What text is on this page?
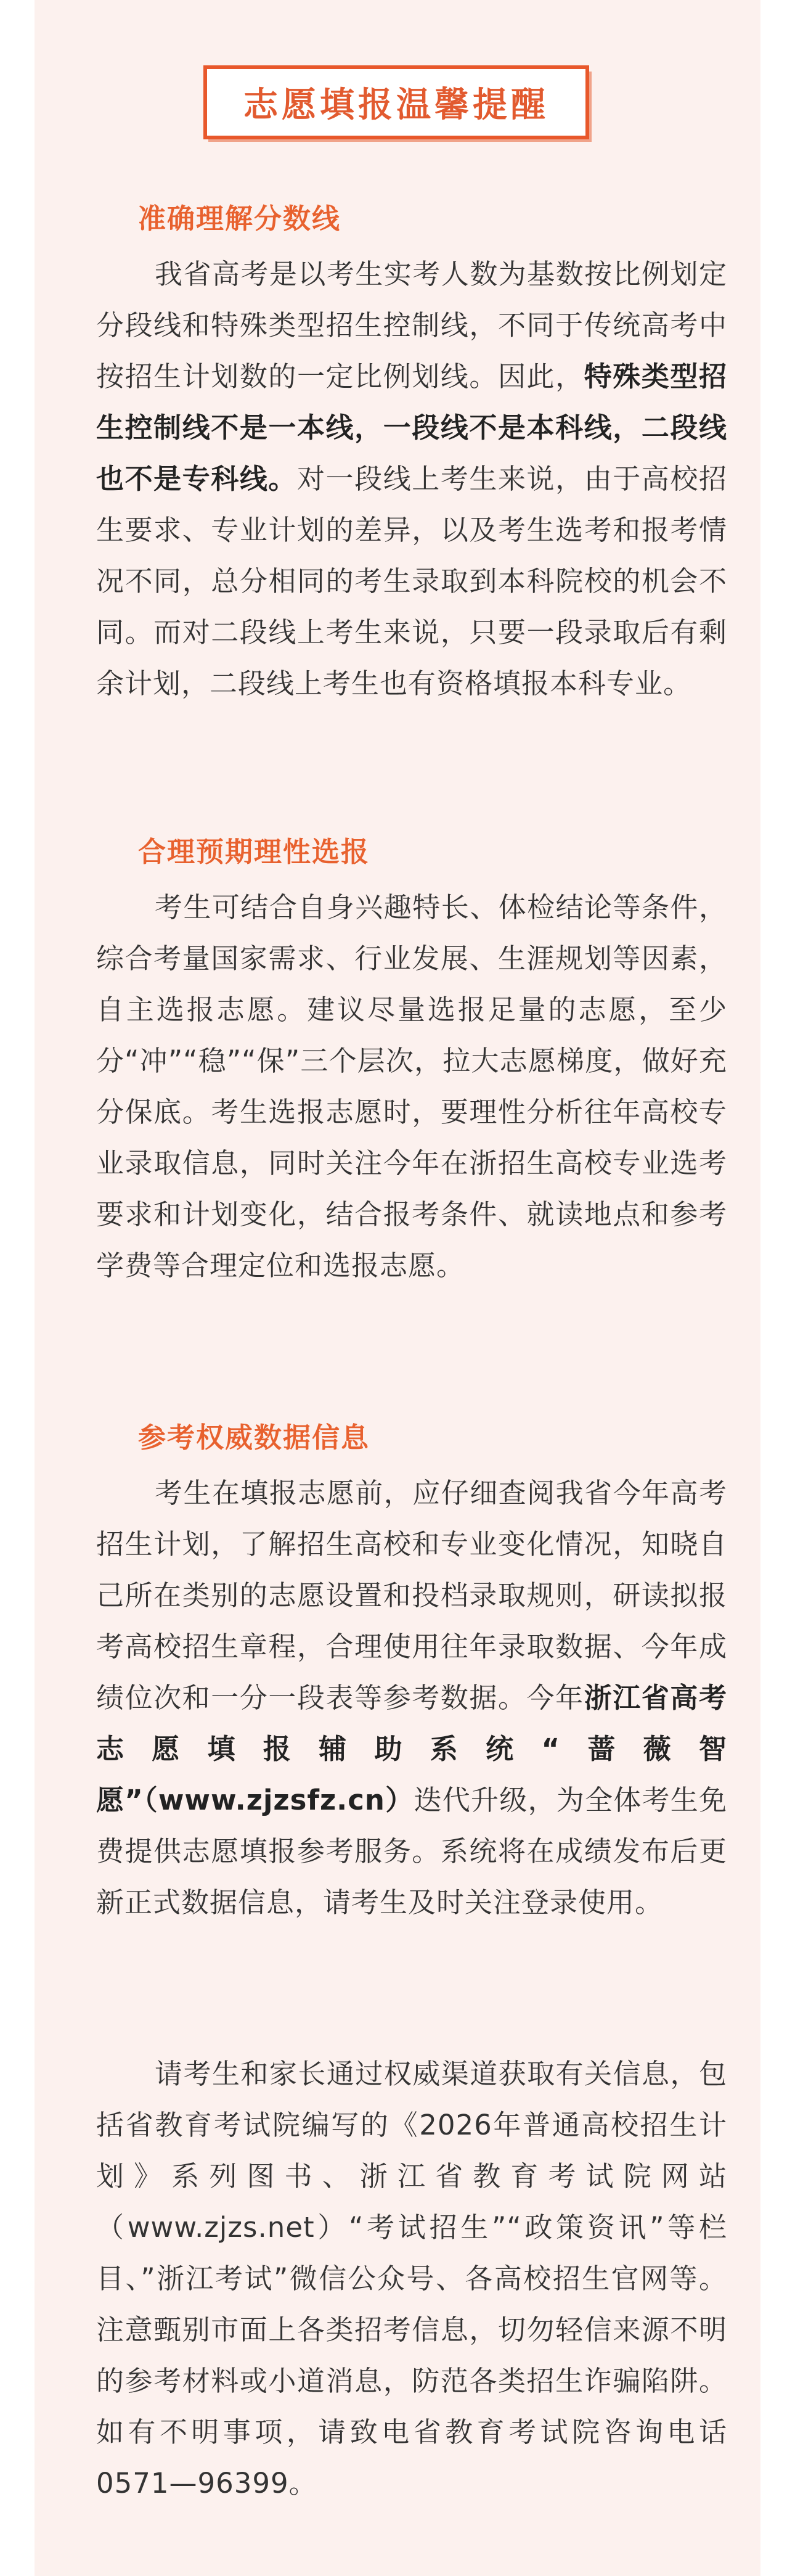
志愿填报温馨提醒
准确理解分数线
我省高考是以考生实考人数为基数按比例划定分段线和特殊类型招生控制线，不同于传统高考中按招生计划数的一定比例划线。因此，特殊类型招生控制线不是一本线，一段线不是本科线，二段线也不是专科线。对一段线上考生来说，由于高校招生要求、专业计划的差异，以及考生选考和报考情况不同，总分相同的考生录取到本科院校的机会不同。而对二段线上考生来说，只要一段录取后有剩余计划，二段线上考生也有资格填报本科专业。
合理预期理性选报
考生可结合自身兴趣特长、体检结论等条件，综合考量国家需求、行业发展、生涯规划等因素，自主选报志愿。建议尽量选报足量的志愿，至少分“冲”“稳”“保”三个层次，拉大志愿梯度，做好充分保底。考生选报志愿时，要理性分析往年高校专业录取信息，同时关注今年在浙招生高校专业选考要求和计划变化，结合报考条件、就读地点和参考学费等合理定位和选报志愿。
参考权威数据信息
考生在填报志愿前，应仔细查阅我省今年高考招生计划，了解招生高校和专业变化情况，知晓自己所在类别的志愿设置和投档录取规则，研读拟报考高校招生章程，合理使用往年录取数据、今年成绩位次和一分一段表等参考数据。今年浙江省高考志愿填报辅助系统“蔷薇智愿”（www.zjzsfz.cn）迭代升级，为全体考生免费提供志愿填报参考服务。系统将在成绩发布后更新正式数据信息，请考生及时关注登录使用。
请考生和家长通过权威渠道获取有关信息，包括省教育考试院编写的《2026年普通高校招生计划》系列图书、浙江省教育考试院网站（www.zjzs.net）“考试招生”“政策资讯”等栏目、”浙江考试”微信公众号、各高校招生官网等。注意甄别市面上各类招考信息，切勿轻信来源不明的参考材料或小道消息，防范各类招生诈骗陷阱。如有不明事项，请致电省教育考试院咨询电话0571—96399。
